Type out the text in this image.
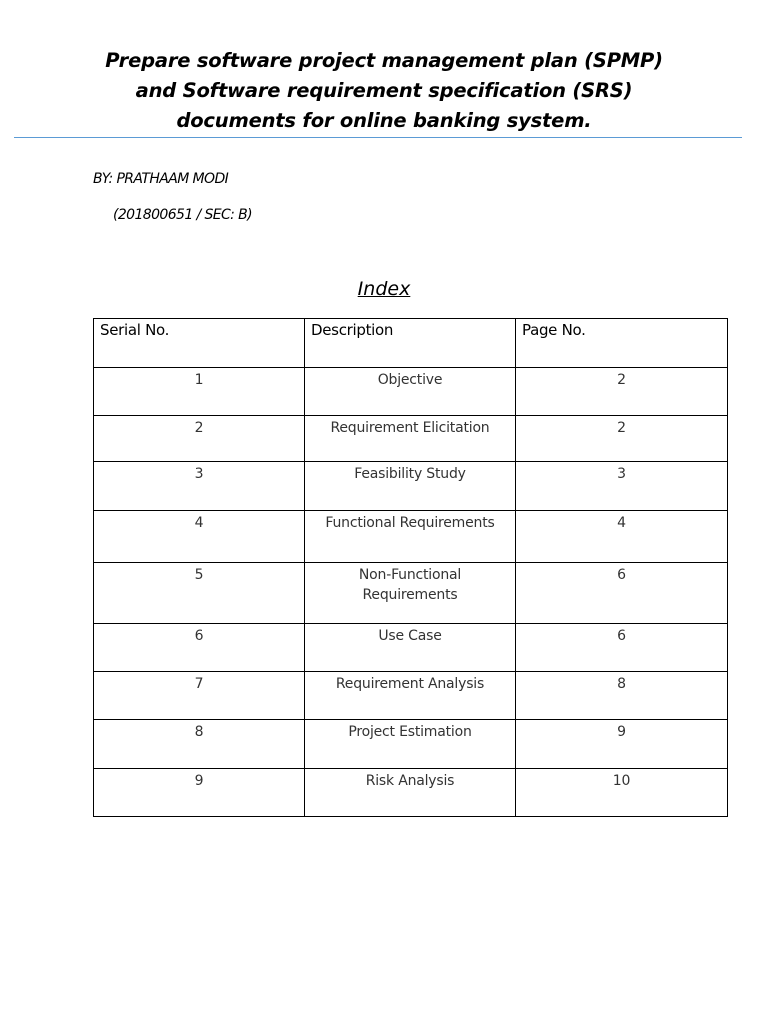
Prepare software project management plan (SPMP)
and Software requirement specification (SRS)
documents for online banking system.
BY: PRATHAAM MODI
(201800651 / SEC: B)
Index
Serial No.	Description	Page No.
1	Objective	2
2	Requirement Elicitation	2
3	Feasibility Study	3
4	Functional Requirements	4
5	Non-Functional Requirements	6
6	Use Case	6
7	Requirement Analysis	8
8	Project Estimation	9
9	Risk Analysis	10
